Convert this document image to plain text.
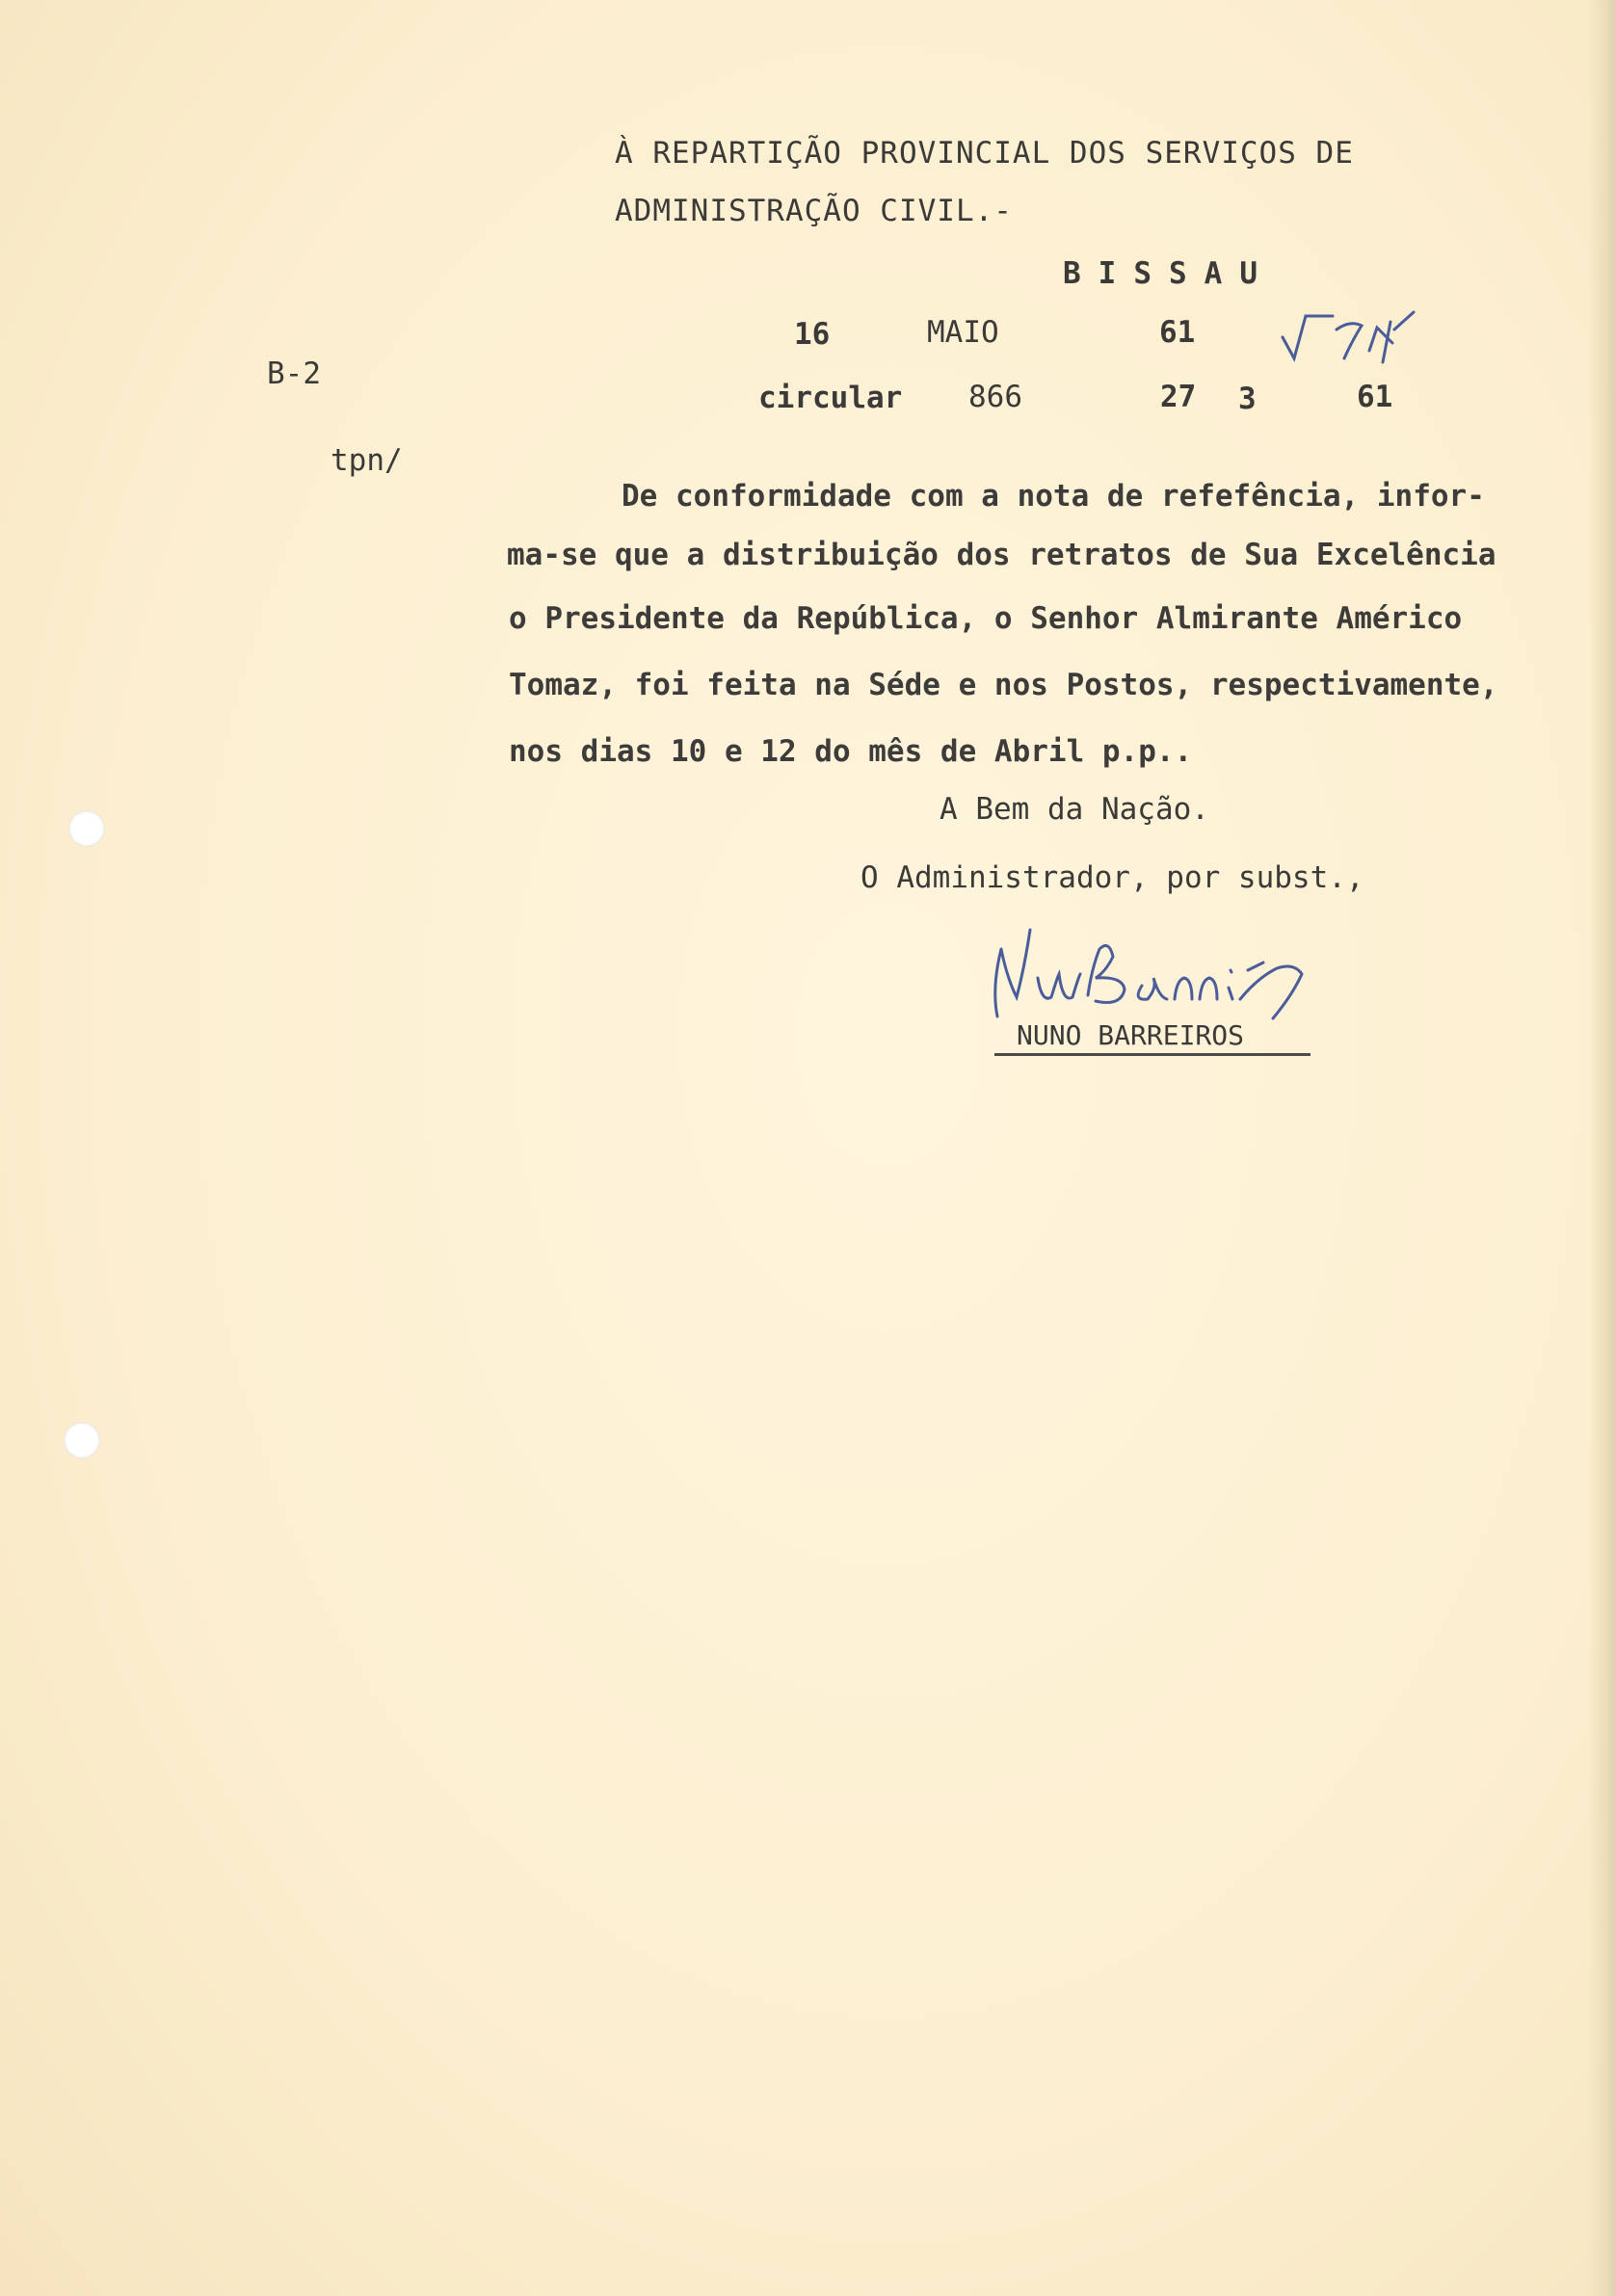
À REPARTIÇÃO PROVINCIAL DOS SERVIÇOS DE
ADMINISTRAÇÃO CIVIL.-
BISSAU
B-2
tpn/
16	MAIO	61
circular 866	27 3	61
De conformidade com a nota de refefência, infor-
ma-se que a distribuição dos retratos de Sua Excelência
o Presidente da República, o Senhor Almirante Américo
Tomaz, foi feita na Séde e nos Postos, respectivamente,
nos dias 10 e 12 do mês de Abril p.p..
A Bem da Nação.
O Administrador, por subst.,
NUNO BARREIROS
